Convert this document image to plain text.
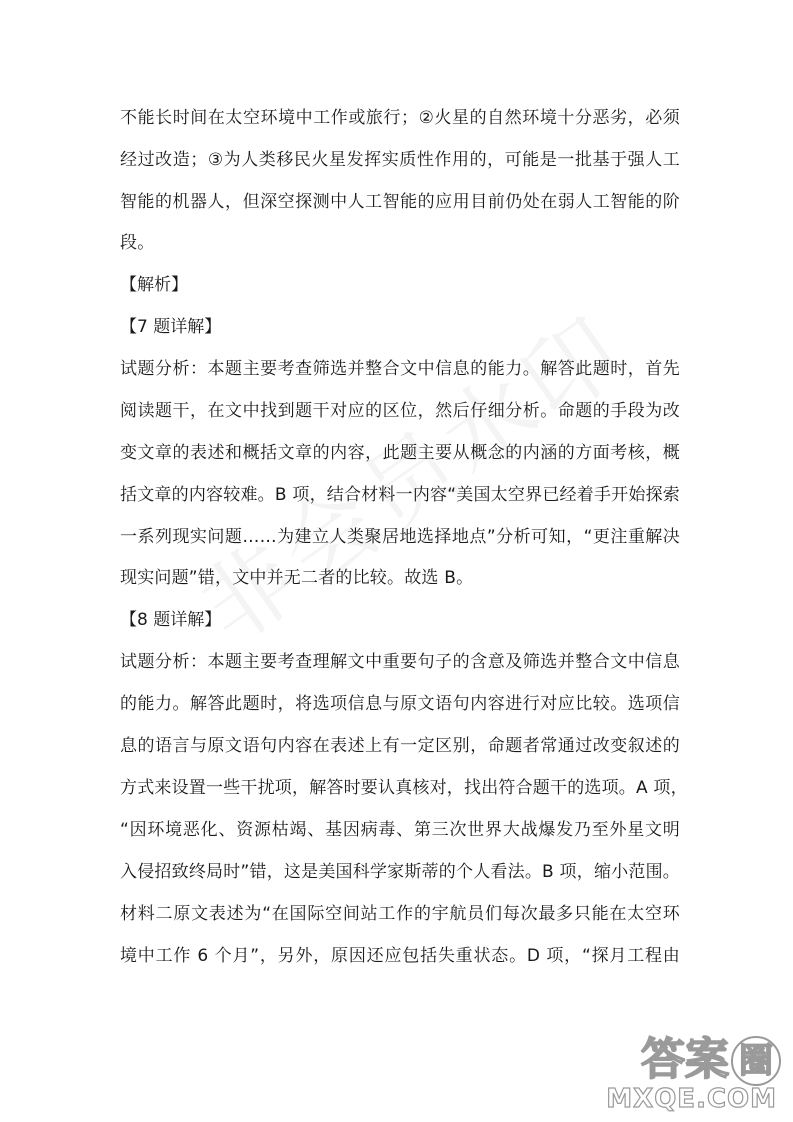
不能长时间在太空环境中工作或旅行；②火星的自然环境十分恶劣，必须
经过改造；③为人类移民火星发挥实质性作用的，可能是一批基于强人工
智能的机器人，但深空探测中人工智能的应用目前仍处在弱人工智能的阶
段。
【解析】
【7 题详解】
试题分析：本题主要考查筛选并整合文中信息的能力。解答此题时，首先
阅读题干，在文中找到题干对应的区位，然后仔细分析。命题的手段为改
变文章的表述和概括文章的内容，此题主要从概念的内涵的方面考核，概
括文章的内容较难。B 项，结合材料一内容“美国太空界已经着手开始探索
一系列现实问题……为建立人类聚居地选择地点”分析可知，“更注重解决
现实问题”错，文中并无二者的比较。故选 B。
【8 题详解】
试题分析：本题主要考查理解文中重要句子的含意及筛选并整合文中信息
的能力。解答此题时，将选项信息与原文语句内容进行对应比较。选项信
息的语言与原文语句内容在表述上有一定区别，命题者常通过改变叙述的
方式来设置一些干扰项，解答时要认真核对，找出符合题干的选项。A 项，
“因环境恶化、资源枯竭、基因病毒、第三次世界大战爆发乃至外星文明
入侵招致终局时”错，这是美国科学家斯蒂的个人看法。B 项，缩小范围。
材料二原文表述为“在国际空间站工作的宇航员们每次最多只能在太空环
境中工作 6 个月”，另外，原因还应包括失重状态。D 项，“探月工程由
答 案 圈
MXQE.COM
